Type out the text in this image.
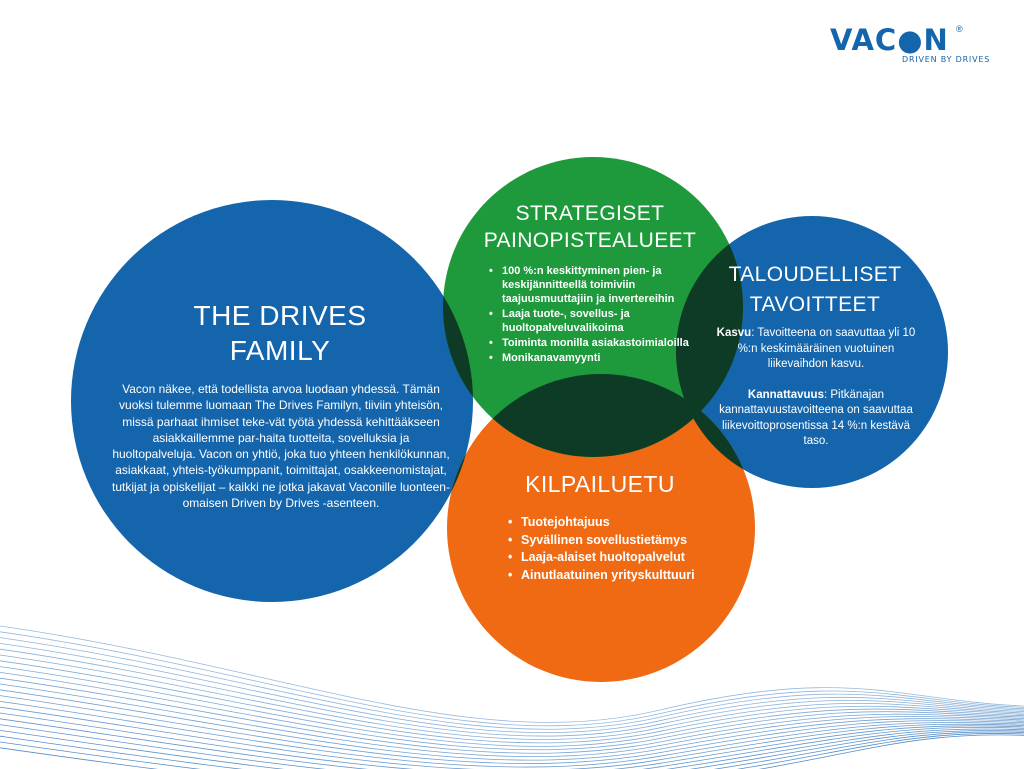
VAC●N ®
DRIVEN BY DRIVES
THE DRIVES
FAMILY
Vacon näkee, että todellista arvoa luodaan yhdessä. Tämän vuoksi tulemme luomaan The Drives Familyn, tiiviin yhteisön, missä parhaat ihmiset teke-vät työtä yhdessä kehittääkseen asiakkaillemme par-haita tuotteita, sovelluksia ja huoltopalveluja. Vacon on yhtiö, joka tuo yhteen henkilökunnan, asiakkaat, yhteis-työkumppanit, toimittajat, osakkeenomistajat, tutkijat ja opiskelijat – kaikki ne jotka jakavat Vaconille luonteen-omaisen Driven by Drives -asenteen.
STRATEGISET
PAINOPISTEALUEET
• 100 %:n keskittyminen pien- ja keskijännitteellä toimiviin taajuusmuuttajiin ja invertereihin
• Laaja tuote-, sovellus- ja huoltopalveluvalikoima
• Toiminta monilla asiakastoimialoilla
• Monikanavamyynti
TALOUDELLISET
TAVOITTEET

Kasvu: Tavoitteena on saavuttaa yli 10 %:n keskimääräinen vuotuinen liikevaihdon kasvu.

Kannattavuus: Pitkänajan kannattavuustavoitteena on saavuttaa liikevoittoprosentissa 14 %:n kestävä taso.

KILPAILUETU
• Tuotejohtajuus
• Syvällinen sovellustietämys
• Laaja-alaiset huoltopalvelut
• Ainutlaatuinen yrityskulttuuri
